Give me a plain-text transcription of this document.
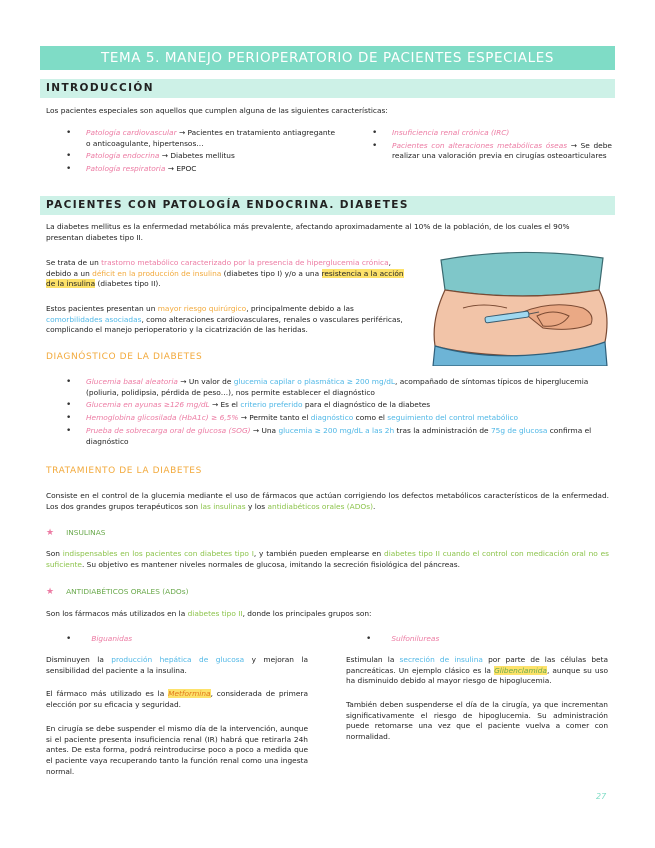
TEMA 5. MANEJO PERIOPERATORIO DE PACIENTES ESPECIALES
INTRODUCCIÓN

Los pacientes especiales son aquellos que cumplen alguna de las siguientes características:

• Patología cardiovascular → Pacientes en tratamiento antiagregante o anticoagulante, hipertensos…
• Patología endocrina → Diabetes mellitus
• Patología respiratoria → EPOC
• Insuficiencia renal crónica (IRC)
• Pacientes con alteraciones metabólicas óseas → Se debe realizar una valoración previa en cirugías osteoarticulares
PACIENTES CON PATOLOGÍA ENDOCRINA. DIABETES

La diabetes mellitus es la enfermedad metabólica más prevalente, afectando aproximadamente al 10% de la población, de los cuales el 90% presentan diabetes tipo II.

Se trata de un trastorno metabólico caracterizado por la presencia de hiperglucemia crónica, debido a un déficit en la producción de insulina (diabetes tipo I) y/o a una resistencia a la acción de la insulina (diabetes tipo II).

Estos pacientes presentan un mayor riesgo quirúrgico, principalmente debido a las comorbilidades asociadas, como alteraciones cardiovasculares, renales o vasculares periféricas, complicando el manejo perioperatorio y la cicatrización de las heridas.

DIAGNÓSTICO DE LA DIABETES
• Glucemia basal aleatoria → Un valor de glucemia capilar o plasmática ≥ 200 mg/dL, acompañado de síntomas típicos de hiperglucemia (poliuria, polidipsia, pérdida de peso…), nos permite establecer el diagnóstico
• Glucemia en ayunas ≥126 mg/dL → Es el criterio preferido para el diagnóstico de la diabetes
• Hemoglobina glicosilada (HbA1c) ≥ 6,5% → Permite tanto el diagnóstico como el seguimiento del control metabólico
• Prueba de sobrecarga oral de glucosa (SOG) → Una glucemia ≥ 200 mg/dL a las 2h tras la administración de 75g de glucosa confirma el diagnóstico
TRATAMIENTO DE LA DIABETES

Consiste en el control de la glucemia mediante el uso de fármacos que actúan corrigiendo los defectos metabólicos característicos de la enfermedad. Los dos grandes grupos terapéuticos son las insulinas y los antidiabéticos orales (ADOs).

★ INSULINAS

Son indispensables en los pacientes con diabetes tipo I, y también pueden emplearse en diabetes tipo II cuando el control con medicación oral no es suficiente. Su objetivo es mantener niveles normales de glucosa, imitando la secreción fisiológica del páncreas.

★ ANTIDIABÉTICOS ORALES (ADOs)

Son los fármacos más utilizados en la diabetes tipo II, donde los principales grupos son:

•	Biguanidas	•	Sulfonilureas

Disminuyen la producción hepática de glucosa y mejoran la sensibilidad del paciente a la insulina.

El fármaco más utilizado es la Metformina, considerada de primera elección por su eficacia y seguridad.

En cirugía se debe suspender el mismo día de la intervención, aunque si el paciente presenta insuficiencia renal (IR) habrá que retirarla 24h antes. De esta forma, podrá reintroducirse poco a poco a medida que el paciente vaya recuperando tanto la función renal como una ingesta normal.

Estimulan la secreción de insulina por parte de las células beta pancreáticas. Un ejemplo clásico es la Glibenclamida, aunque su uso ha disminuido debido al mayor riesgo de hipoglucemia.

También deben suspenderse el día de la cirugía, ya que incrementan significativamente el riesgo de hipoglucemia. Su administración puede retomarse una vez que el paciente vuelva a comer con normalidad.

27
